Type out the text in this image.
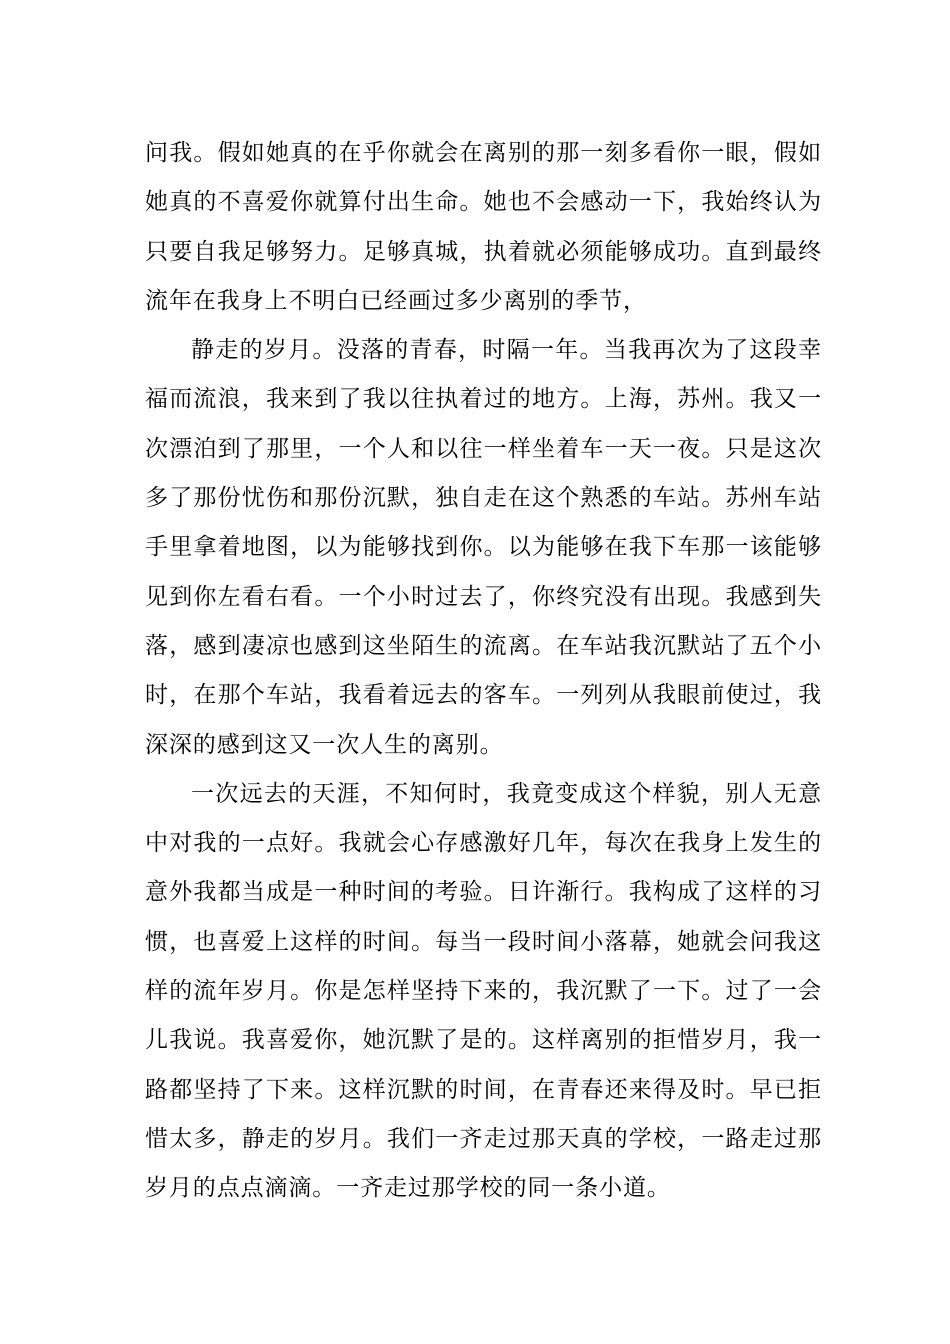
问我。假如她真的在乎你就会在离别的那一刻多看你一眼，假如她真的不喜爱你就算付出生命。她也不会感动一下，我始终认为只要自我足够努力。足够真城，执着就必须能够成功。直到最终流年在我身上不明白已经画过多少离别的季节，

静走的岁月。没落的青春，时隔一年。当我再次为了这段幸福而流浪，我来到了我以往执着过的地方。上海，苏州。我又一次漂泊到了那里，一个人和以往一样坐着车一天一夜。只是这次多了那份忧伤和那份沉默，独自走在这个熟悉的车站。苏州车站手里拿着地图，以为能够找到你。以为能够在我下车那一该能够见到你左看右看。一个小时过去了，你终究没有出现。我感到失落，感到凄凉也感到这坐陌生的流离。在车站我沉默站了五个小时，在那个车站，我看着远去的客车。一列列从我眼前使过，我深深的感到这又一次人生的离别。

一次远去的天涯，不知何时，我竟变成这个样貌，别人无意中对我的一点好。我就会心存感激好几年，每次在我身上发生的意外我都当成是一种时间的考验。日许渐行。我构成了这样的习惯，也喜爱上这样的时间。每当一段时间小落幕，她就会问我这样的流年岁月。你是怎样坚持下来的，我沉默了一下。过了一会儿我说。我喜爱你，她沉默了是的。这样离别的拒惜岁月，我一路都坚持了下来。这样沉默的时间，在青春还来得及时。早已拒惜太多，静走的岁月。我们一齐走过那天真的学校，一路走过那岁月的点点滴滴。一齐走过那学校的同一条小道。
